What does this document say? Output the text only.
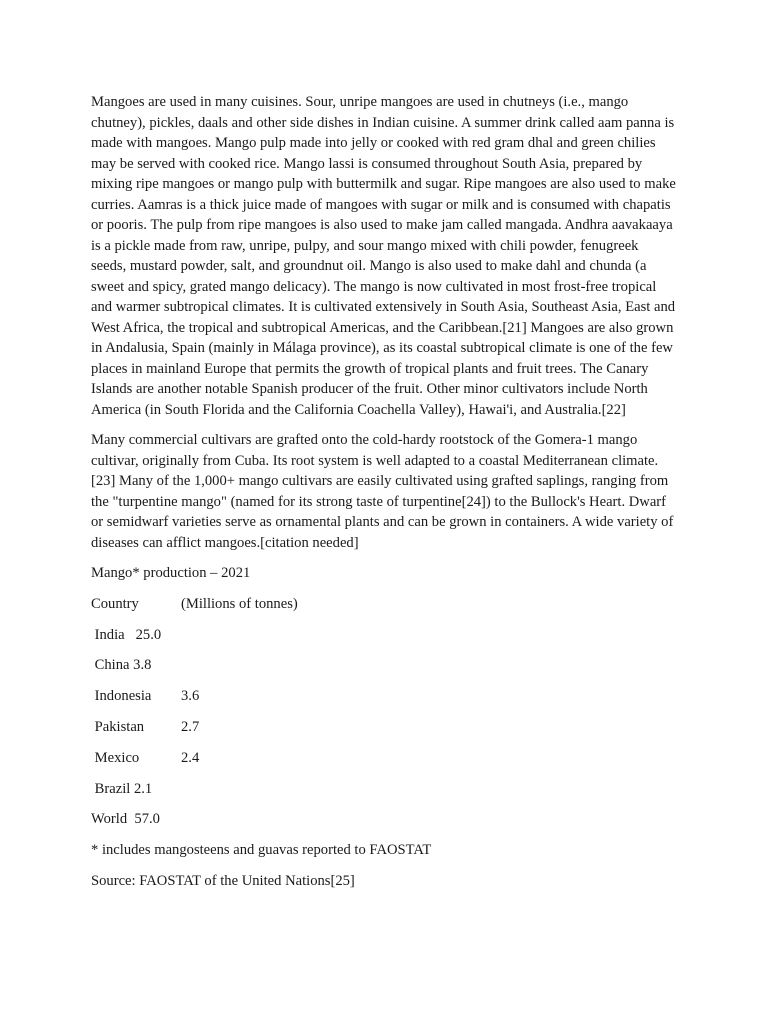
Mangoes are used in many cuisines. Sour, unripe mangoes are used in chutneys (i.e., mango chutney), pickles, daals and other side dishes in Indian cuisine. A summer drink called aam panna is made with mangoes. Mango pulp made into jelly or cooked with red gram dhal and green chilies may be served with cooked rice. Mango lassi is consumed throughout South Asia, prepared by mixing ripe mangoes or mango pulp with buttermilk and sugar. Ripe mangoes are also used to make curries. Aamras is a thick juice made of mangoes with sugar or milk and is consumed with chapatis or pooris. The pulp from ripe mangoes is also used to make jam called mangada. Andhra aavakaaya is a pickle made from raw, unripe, pulpy, and sour mango mixed with chili powder, fenugreek seeds, mustard powder, salt, and groundnut oil. Mango is also used to make dahl and chunda (a sweet and spicy, grated mango delicacy). The mango is now cultivated in most frost-free tropical and warmer subtropical climates. It is cultivated extensively in South Asia, Southeast Asia, East and West Africa, the tropical and subtropical Americas, and the Caribbean.[21] Mangoes are also grown in Andalusia, Spain (mainly in Málaga province), as its coastal subtropical climate is one of the few places in mainland Europe that permits the growth of tropical plants and fruit trees. The Canary Islands are another notable Spanish producer of the fruit. Other minor cultivators include North America (in South Florida and the California Coachella Valley), Hawai'i, and Australia.[22]

Many commercial cultivars are grafted onto the cold-hardy rootstock of the Gomera-1 mango cultivar, originally from Cuba. Its root system is well adapted to a coastal Mediterranean climate.[23] Many of the 1,000+ mango cultivars are easily cultivated using grafted saplings, ranging from the "turpentine mango" (named for its strong taste of turpentine[24]) to the Bullock's Heart. Dwarf or semidwarf varieties serve as ornamental plants and can be grown in containers. A wide variety of diseases can afflict mangoes.[citation needed]

Mango* production – 2021
Country	(Millions of tonnes)
India 25.0
China 3.8
Indonesia 3.6
Pakistan	2.7
Mexico	2.4
Brazil 2.1
World 57.0
* includes mangosteens and guavas reported to FAOSTAT
Source: FAOSTAT of the United Nations[25]
